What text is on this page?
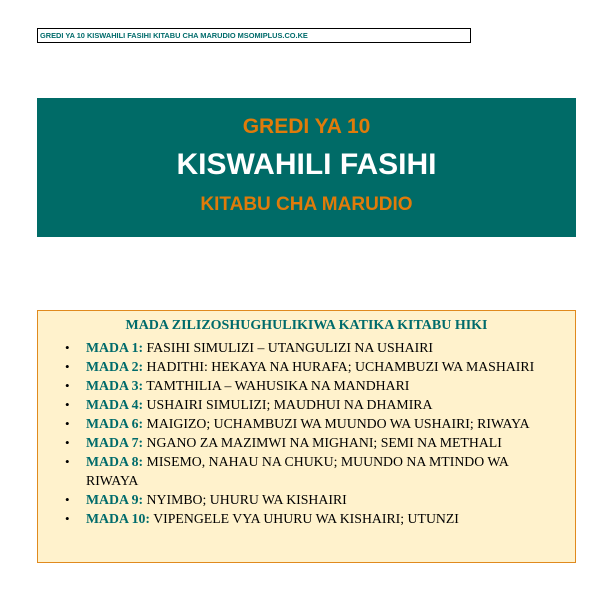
GREDI YA 10 KISWAHILI FASIHI KITABU CHA MARUDIO MSOMIPLUS.CO.KE
GREDI YA 10
KISWAHILI FASIHI
KITABU CHA MARUDIO
MADA ZILIZOSHUGHULIKIWA KATIKA KITABU HIKI
• MADA 1: FASIHI SIMULIZI – UTANGULIZI NA USHAIRI
• MADA 2: HADITHI: HEKAYA NA HURAFA; UCHAMBUZI WA MASHAIRI
• MADA 3: TAMTHILIA – WAHUSIKA NA MANDHARI
• MADA 4: USHAIRI SIMULIZI; MAUDHUI NA DHAMIRA
• MADA 6: MAIGIZO; UCHAMBUZI WA MUUNDO WA USHAIRI; RIWAYA
• MADA 7: NGANO ZA MAZIMWI NA MIGHANI; SEMI NA METHALI
• MADA 8: MISEMO, NAHAU NA CHUKU; MUUNDO NA MTINDO WA RIWAYA
• MADA 9: NYIMBO; UHURU WA KISHAIRI
• MADA 10: VIPENGELE VYA UHURU WA KISHAIRI; UTUNZI
